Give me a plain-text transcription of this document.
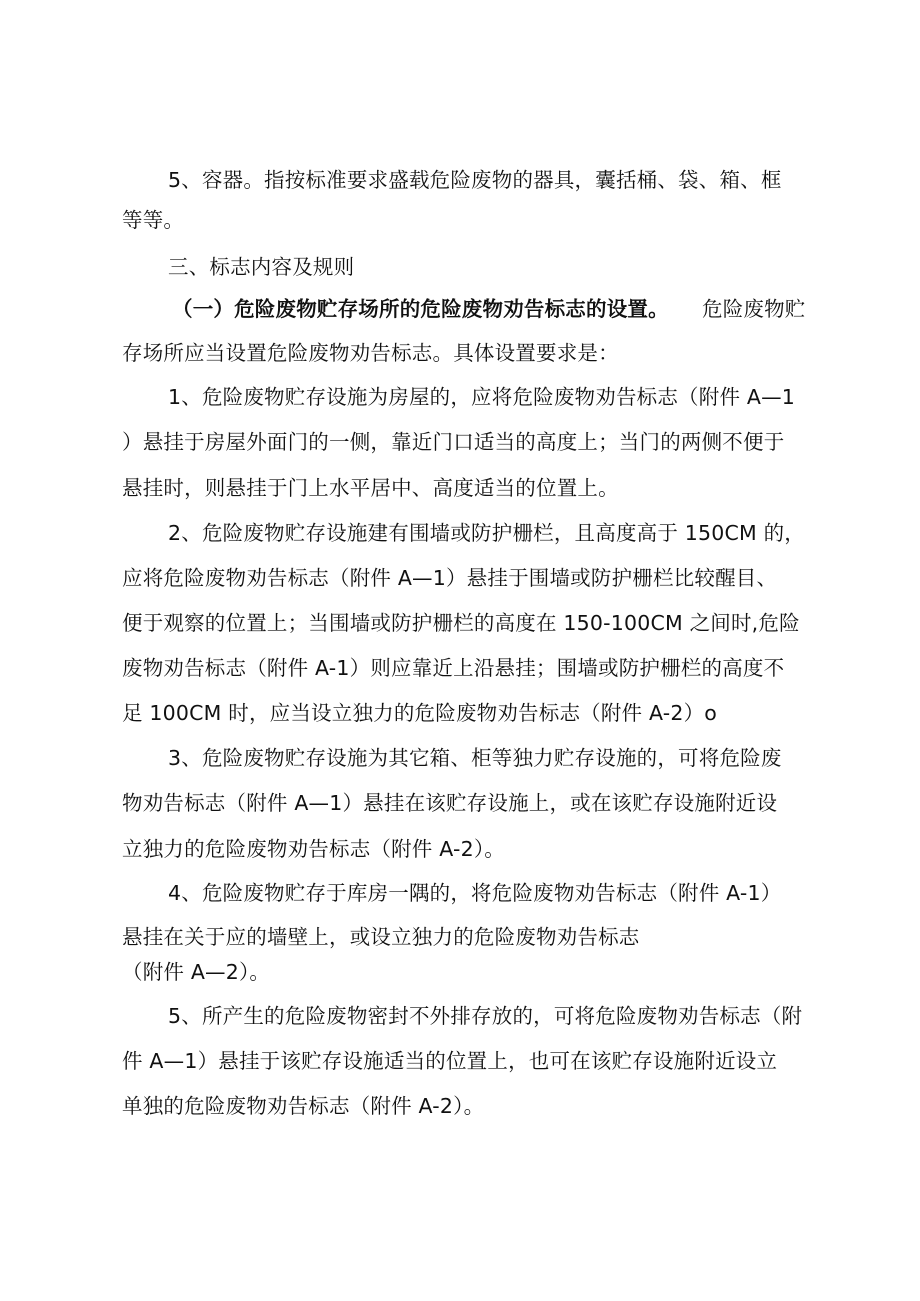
5、容器。指按标准要求盛载危险废物的器具，囊括桶、袋、箱、框
等等。
三、标志内容及规则
（一）危险废物贮存场所的危险废物劝告标志的设置。 危险废物贮
存场所应当设置危险废物劝告标志。具体设置要求是：
1、危险废物贮存设施为房屋的，应将危险废物劝告标志（附件 A—1
）悬挂于房屋外面门的一侧，靠近门口适当的高度上；当门的两侧不便于
悬挂时，则悬挂于门上水平居中、高度适当的位置上。
2、危险废物贮存设施建有围墙或防护栅栏，且高度高于 150CM 的，
应将危险废物劝告标志（附件 A—1）悬挂于围墙或防护栅栏比较醒目、
便于观察的位置上；当围墙或防护栅栏的高度在 150-100CM 之间时,危险
废物劝告标志（附件 A-1）则应靠近上沿悬挂；围墙或防护栅栏的高度不
足 100CM 时，应当设立独力的危险废物劝告标志（附件 A-2）o
3、危险废物贮存设施为其它箱、柜等独力贮存设施的，可将危险废
物劝告标志（附件 A—1）悬挂在该贮存设施上，或在该贮存设施附近设
立独力的危险废物劝告标志（附件 A-2）。
4、危险废物贮存于库房一隅的，将危险废物劝告标志（附件 A-1）
悬挂在关于应的墙壁上，或设立独力的危险废物劝告标志
（附件 A—2）。
5、所产生的危险废物密封不外排存放的，可将危险废物劝告标志（附
件 A—1）悬挂于该贮存设施适当的位置上，也可在该贮存设施附近设立
单独的危险废物劝告标志（附件 A-2）。
